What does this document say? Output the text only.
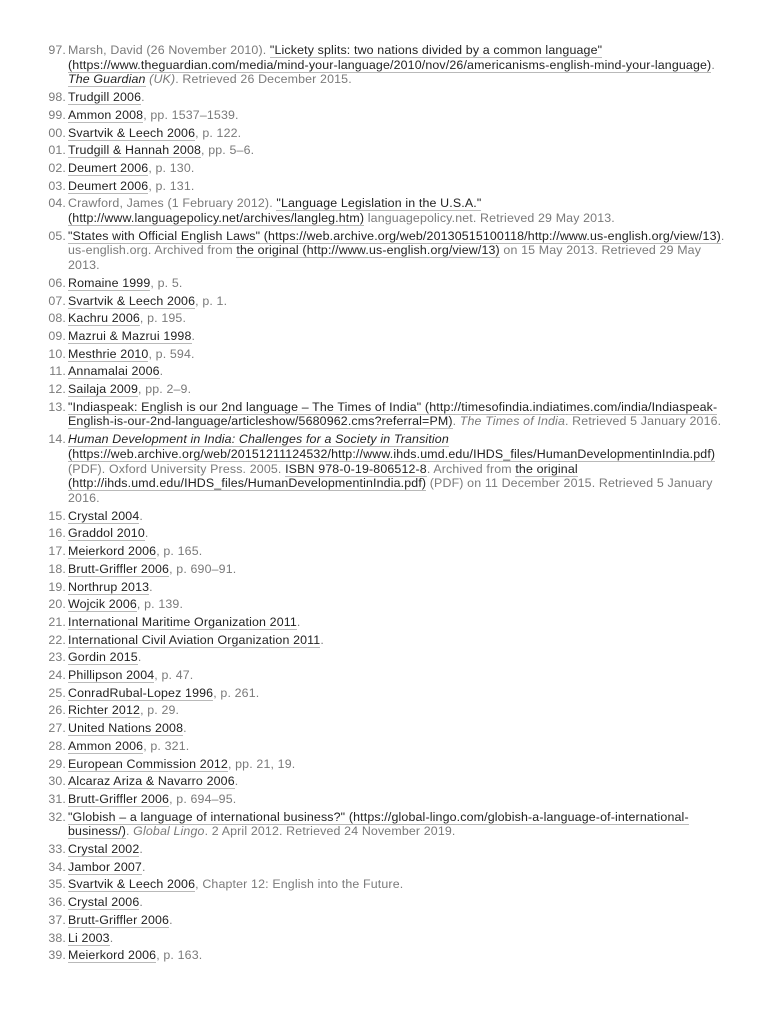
97 . Marsh, David (26 November 2010). "Lickety splits: two nations divided by a common language" (https://www.theguardian.com/media/mind-your-language/2010/nov/26/americanisms-english-mind-your-language). The Guardian (UK). Retrieved 26 December 2015.
98 . Trudgill 2006.
99 . Ammon 2008, pp. 1537–1539.
00 . Svartvik & Leech 2006, p. 122.
01 . Trudgill & Hannah 2008, pp. 5–6.
02 . Deumert 2006, p. 130.
03 . Deumert 2006, p. 131.
04 . Crawford, James (1 February 2012). "Language Legislation in the U.S.A." (http://www.languagepolicy.net/archives/langleg.htm) languagepolicy.net. Retrieved 29 May 2013.
05 . "States with Official English Laws" (https://web.archive.org/web/20130515100118/http://www.us-english.org/view/13). us-english.org. Archived from the original (http://www.us-english.org/view/13) on 15 May 2013. Retrieved 29 May 2013.
06 . Romaine 1999, p. 5.
07 . Svartvik & Leech 2006, p. 1.
08 . Kachru 2006, p. 195.
09 . Mazrui & Mazrui 1998.
10 . Mesthrie 2010, p. 594.
11 . Annamalai 2006.
12 . Sailaja 2009, pp. 2–9.
13 . "Indiaspeak: English is our 2nd language – The Times of India" (http://timesofindia.indiatimes.com/india/Indiaspeak-English-is-our-2nd-language/articleshow/5680962.cms?referral=PM). The Times of India. Retrieved 5 January 2016.
14 . Human Development in India: Challenges for a Society in Transition (https://web.archive.org/web/20151211124532/http://www.ihds.umd.edu/IHDS_files/HumanDevelopmentinIndia.pdf) (PDF). Oxford University Press. 2005. ISBN 978-0-19-806512-8. Archived from the original (http://ihds.umd.edu/IHDS_files/HumanDevelopmentinIndia.pdf) (PDF) on 11 December 2015. Retrieved 5 January 2016.
15 . Crystal 2004.
16 . Graddol 2010.
17 . Meierkord 2006, p. 165.
18 . Brutt-Griffler 2006, p. 690–91.
19 . Northrup 2013.
20 . Wojcik 2006, p. 139.
21 . International Maritime Organization 2011.
22 . International Civil Aviation Organization 2011.
23 . Gordin 2015.
24 . Phillipson 2004, p. 47.
25 . ConradRubal-Lopez 1996, p. 261.
26 . Richter 2012, p. 29.
27 . United Nations 2008.
28 . Ammon 2006, p. 321.
29 . European Commission 2012, pp. 21, 19.
30 . Alcaraz Ariza & Navarro 2006.
31 . Brutt-Griffler 2006, p. 694–95.
32 . "Globish – a language of international business?" (https://global-lingo.com/globish-a-language-of-international-business/). Global Lingo. 2 April 2012. Retrieved 24 November 2019.
33 . Crystal 2002.
34 . Jambor 2007.
35 . Svartvik & Leech 2006, Chapter 12: English into the Future.
36 . Crystal 2006.
37 . Brutt-Griffler 2006.
38 . Li 2003.
39 . Meierkord 2006, p. 163.
